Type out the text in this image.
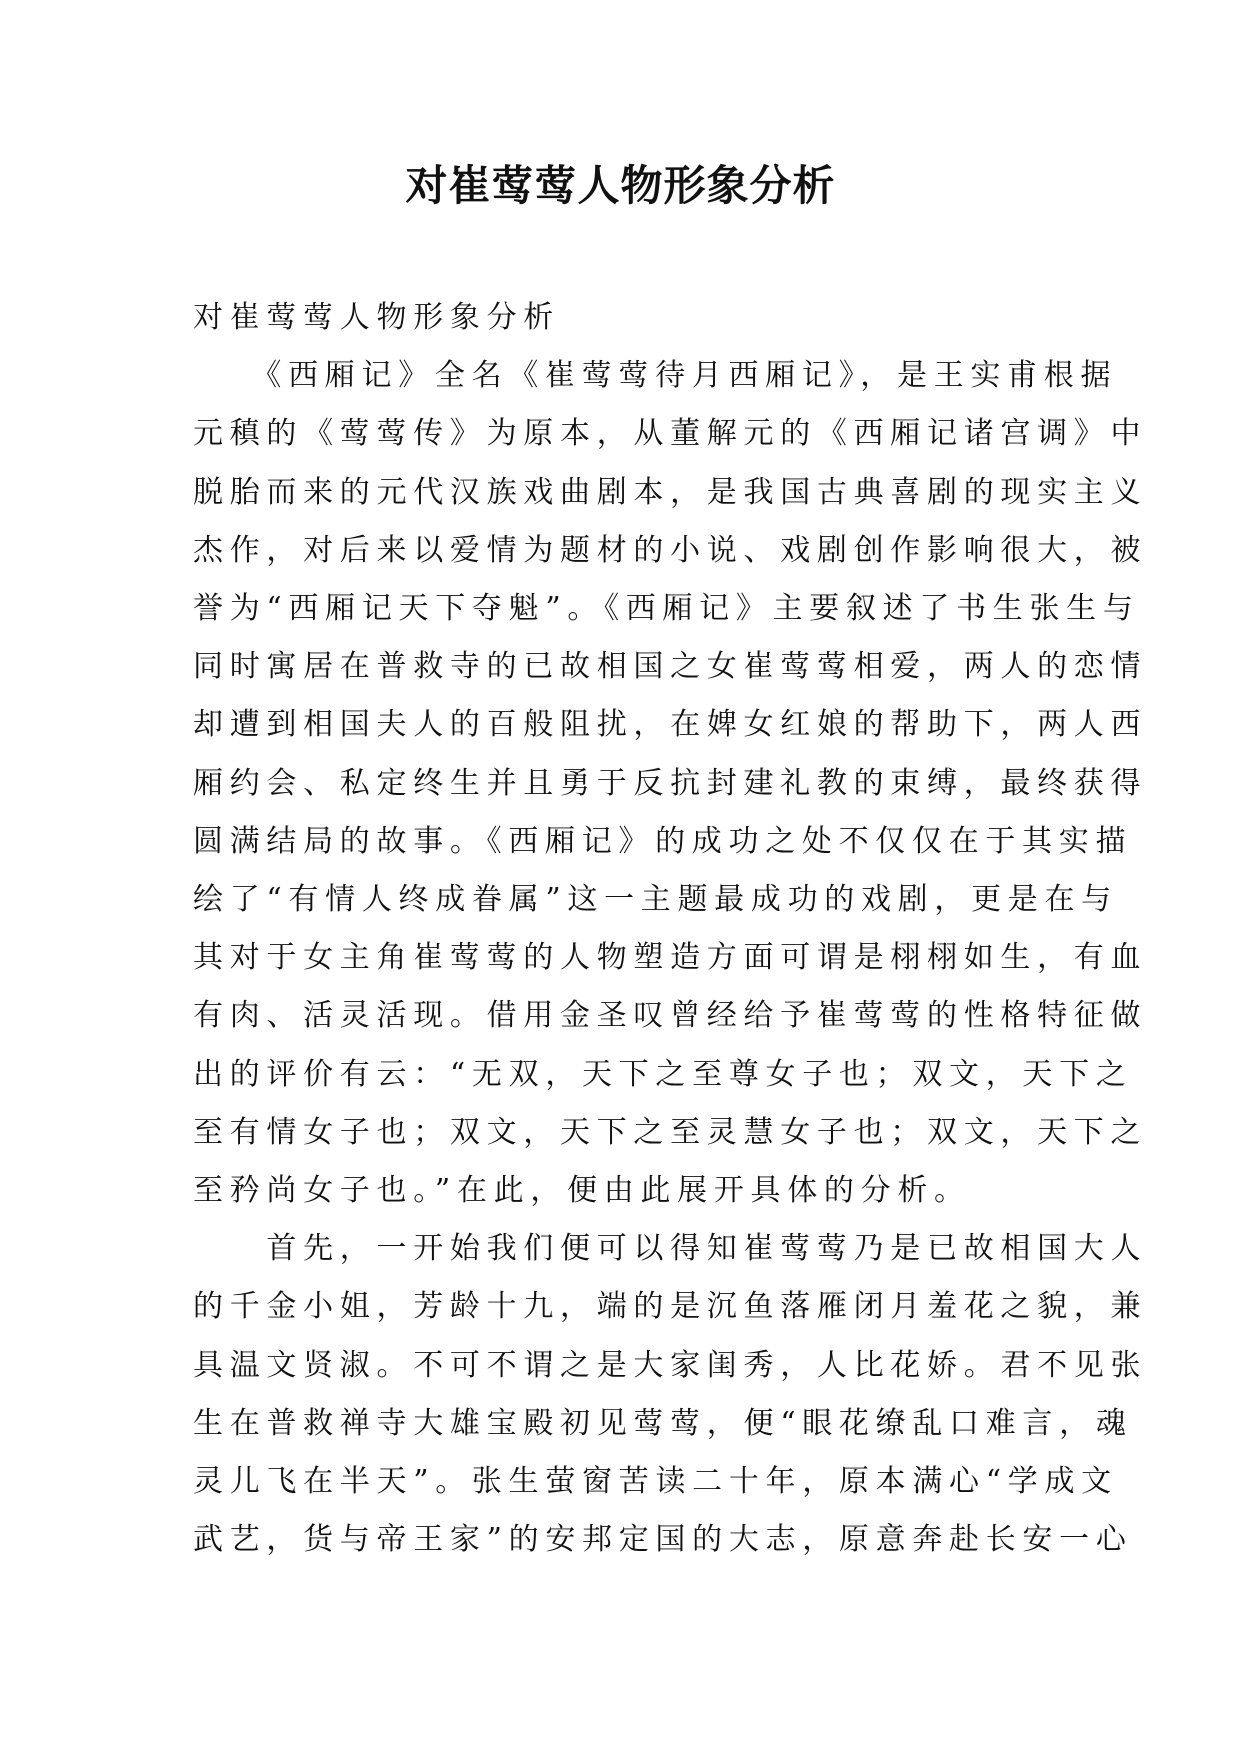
对崔莺莺人物形象分析

对崔莺莺人物形象分析

　　《西厢记》全名《崔莺莺待月西厢记》，是王实甫根据
元稹的《莺莺传》为原本，从董解元的《西厢记诸宫调》中
脱胎而来的元代汉族戏曲剧本，是我国古典喜剧的现实主义
杰作，对后来以爱情为题材的小说、戏剧创作影响很大，被
誉为“西厢记天下夺魁”。《西厢记》主要叙述了书生张生与
同时寓居在普救寺的已故相国之女崔莺莺相爱，两人的恋情
却遭到相国夫人的百般阻扰，在婢女红娘的帮助下，两人西
厢约会、私定终生并且勇于反抗封建礼教的束缚，最终获得
圆满结局的故事。《西厢记》的成功之处不仅仅在于其实描
绘了“有情人终成眷属”这一主题最成功的戏剧，更是在与
其对于女主角崔莺莺的人物塑造方面可谓是栩栩如生，有血
有肉、活灵活现。借用金圣叹曾经给予崔莺莺的性格特征做
出的评价有云：“无双，天下之至尊女子也；双文，天下之
至有情女子也；双文，天下之至灵慧女子也；双文，天下之
至矜尚女子也。”在此，便由此展开具体的分析。

　　首先，一开始我们便可以得知崔莺莺乃是已故相国大人
的千金小姐，芳龄十九，端的是沉鱼落雁闭月羞花之貌，兼
具温文贤淑。不可不谓之是大家闺秀，人比花娇。君不见张
生在普救禅寺大雄宝殿初见莺莺，便“眼花缭乱口难言，魂
灵儿飞在半天”。张生萤窗苦读二十年，原本满心“学成文
武艺，货与帝王家”的安邦定国的大志，原意奔赴长安一心
